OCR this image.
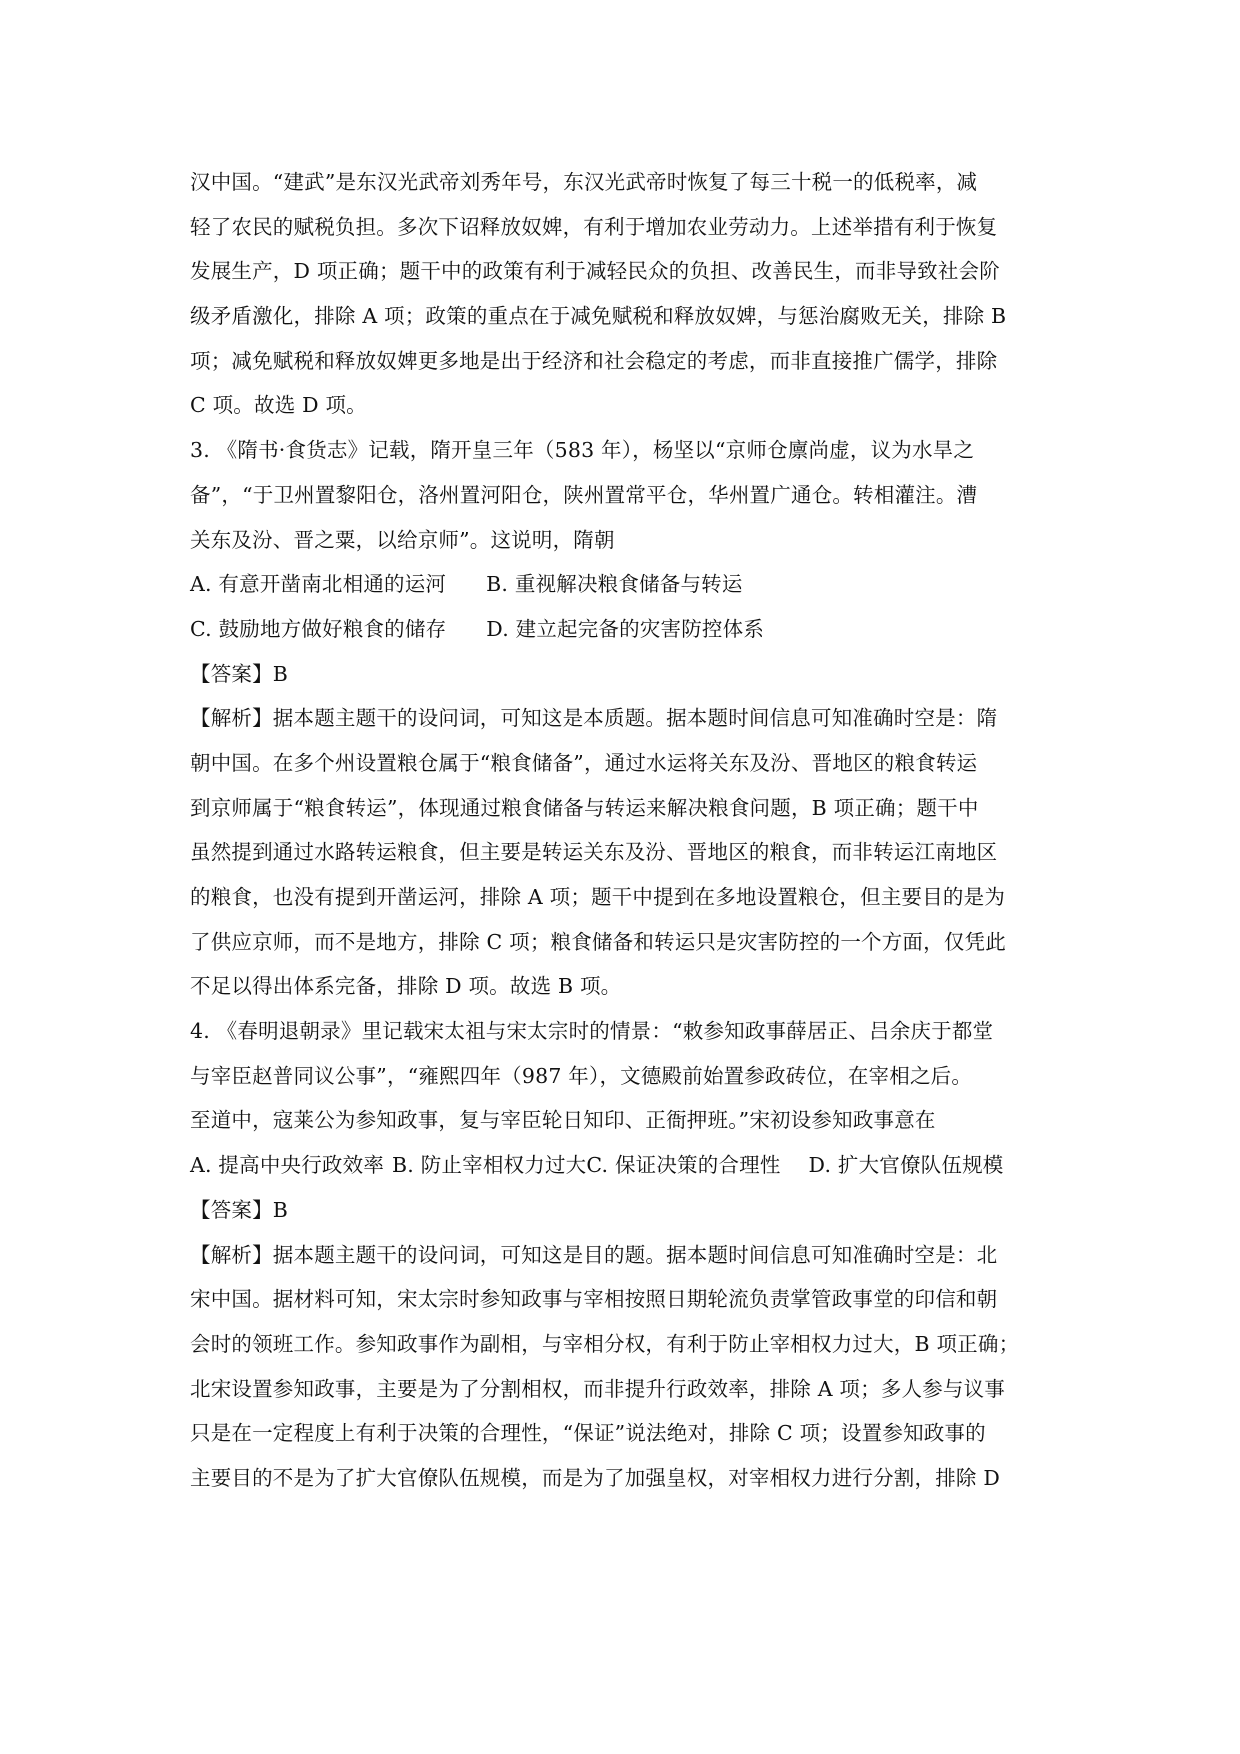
汉中国。“建武”是东汉光武帝刘秀年号，东汉光武帝时恢复了每三十税一的低税率，减
轻了农民的赋税负担。多次下诏释放奴婢，有利于增加农业劳动力。上述举措有利于恢复
发展生产，D 项正确；题干中的政策有利于减轻民众的负担、改善民生，而非导致社会阶
级矛盾激化，排除 A 项；政策的重点在于减免赋税和释放奴婢，与惩治腐败无关，排除 B
项；减免赋税和释放奴婢更多地是出于经济和社会稳定的考虑，而非直接推广儒学，排除
C 项。故选 D 项。
3. 《隋书·食货志》记载，隋开皇三年（583 年），杨坚以“京师仓廪尚虚，议为水旱之
备”，“于卫州置黎阳仓，洛州置河阳仓，陕州置常平仓，华州置广通仓。转相灌注。漕
关东及汾、晋之粟，以给京师”。这说明，隋朝
A. 有意开凿南北相通的运河 B. 重视解决粮食储备与转运
C. 鼓励地方做好粮食的储存 D. 建立起完备的灾害防控体系
【答案】B
【解析】据本题主题干的设问词，可知这是本质题。据本题时间信息可知准确时空是：隋
朝中国。在多个州设置粮仓属于“粮食储备”，通过水运将关东及汾、晋地区的粮食转运
到京师属于“粮食转运”，体现通过粮食储备与转运来解决粮食问题，B 项正确；题干中
虽然提到通过水路转运粮食，但主要是转运关东及汾、晋地区的粮食，而非转运江南地区
的粮食，也没有提到开凿运河，排除 A 项；题干中提到在多地设置粮仓，但主要目的是为
了供应京师，而不是地方，排除 C 项；粮食储备和转运只是灾害防控的一个方面，仅凭此
不足以得出体系完备，排除 D 项。故选 B 项。
4. 《春明退朝录》里记载宋太祖与宋太宗时的情景：“敕参知政事薛居正、吕余庆于都堂
与宰臣赵普同议公事”，“雍熙四年（987 年），文德殿前始置参政砖位，在宰相之后。
至道中，寇莱公为参知政事，复与宰臣轮日知印、正衙押班。”宋初设参知政事意在
A. 提高中央行政效率 B. 防止宰相权力过大C. 保证决策的合理性 D. 扩大官僚队伍规模
【答案】B
【解析】据本题主题干的设问词，可知这是目的题。据本题时间信息可知准确时空是：北
宋中国。据材料可知，宋太宗时参知政事与宰相按照日期轮流负责掌管政事堂的印信和朝
会时的领班工作。参知政事作为副相，与宰相分权，有利于防止宰相权力过大，B 项正确；
北宋设置参知政事，主要是为了分割相权，而非提升行政效率，排除 A 项；多人参与议事
只是在一定程度上有利于决策的合理性，“保证”说法绝对，排除 C 项；设置参知政事的
主要目的不是为了扩大官僚队伍规模，而是为了加强皇权，对宰相权力进行分割，排除 D
